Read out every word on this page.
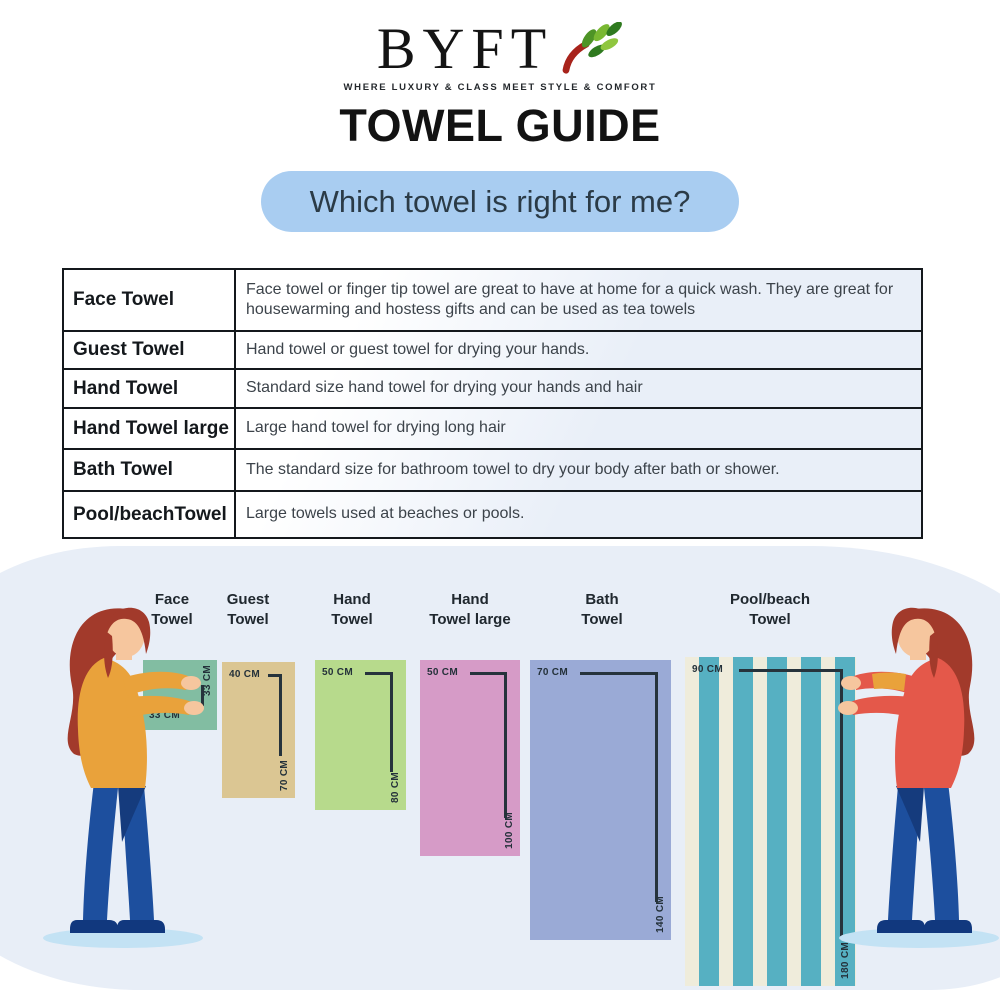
BYFT
WHERE LUXURY & CLASS MEET STYLE & COMFORT
TOWEL GUIDE
Which towel is right for me?
Face Towel	Face towel or finger tip towel are great to have at home for a quick wash. They are great for housewarming and hostess gifts and can be used as tea towels
Guest Towel	Hand towel or guest towel for drying your hands.
Hand Towel	Standard size hand towel for drying your hands and hair
Hand Towel large	Large hand towel for drying long hair
Bath Towel	The standard size for bathroom towel to dry your body after bath or shower.
Pool/beachTowel	Large towels used at beaches or pools.
Face
Towel
Guest
Towel
Hand
Towel
Hand
Towel large
Bath
Towel
Pool/beach
Towel
33 CM
33 CM 40 CM
70 CM
50 CM
80 CM
50 CM
100 CM
70 CM
140 CM
90 CM
180 CM
